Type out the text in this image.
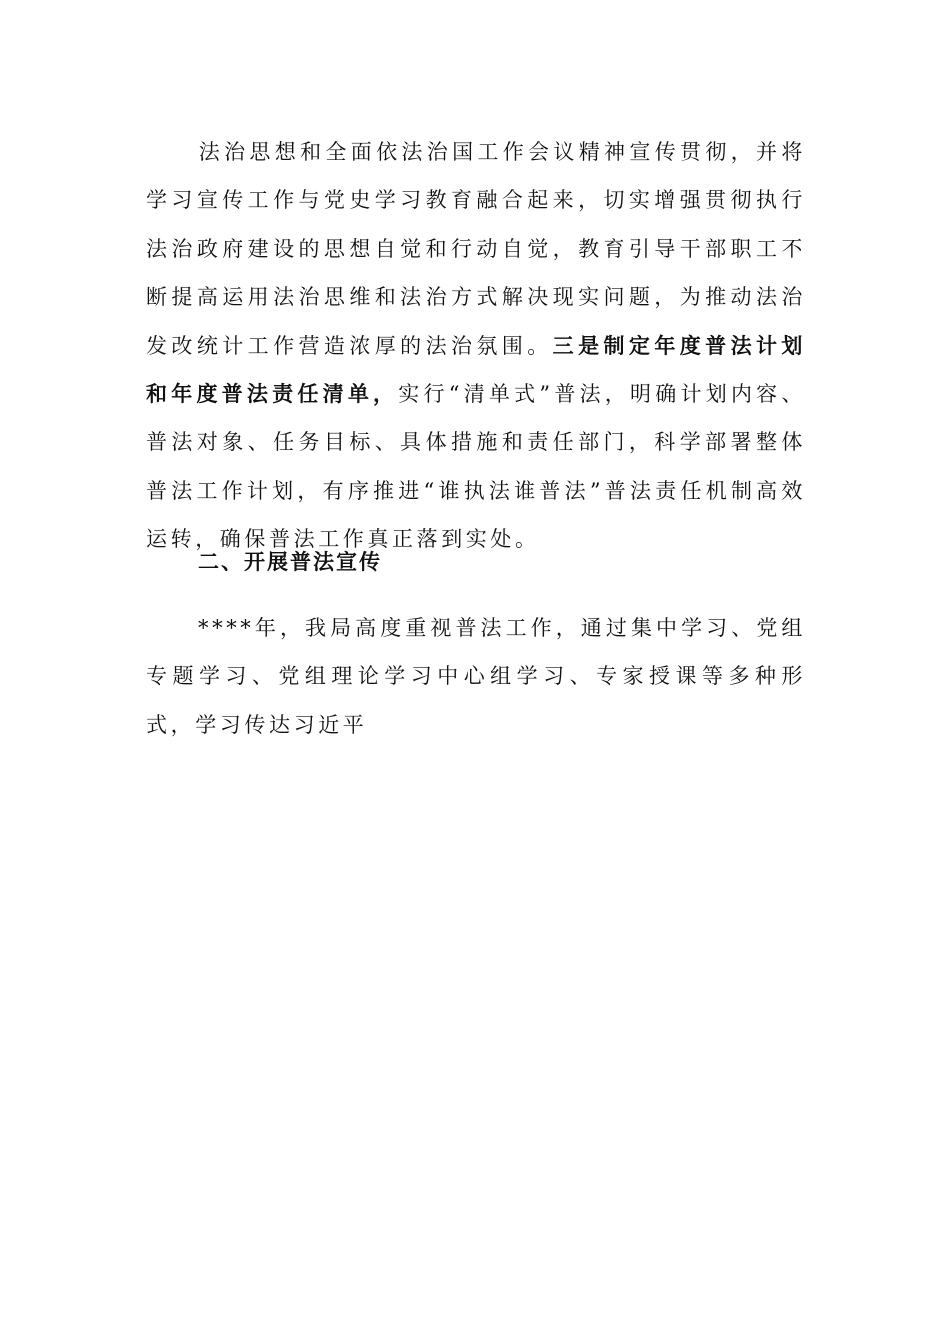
法治思想和全面依法治国工作会议精神宣传贯彻，并将学习宣传工作与党史学习教育融合起来，切实增强贯彻执行法治政府建设的思想自觉和行动自觉，教育引导干部职工不断提高运用法治思维和法治方式解决现实问题，为推动法治发改统计工作营造浓厚的法治氛围。三是制定年度普法计划和年度普法责任清单，实行“清单式”普法，明确计划内容、普法对象、任务目标、具体措施和责任部门，科学部署整体普法工作计划，有序推进“谁执法谁普法”普法责任机制高效运转，确保普法工作真正落到实处。

二、开展普法宣传

****年，我局高度重视普法工作，通过集中学习、党组专题学习、党组理论学习中心组学习、专家授课等多种形式，学习传达习近平
